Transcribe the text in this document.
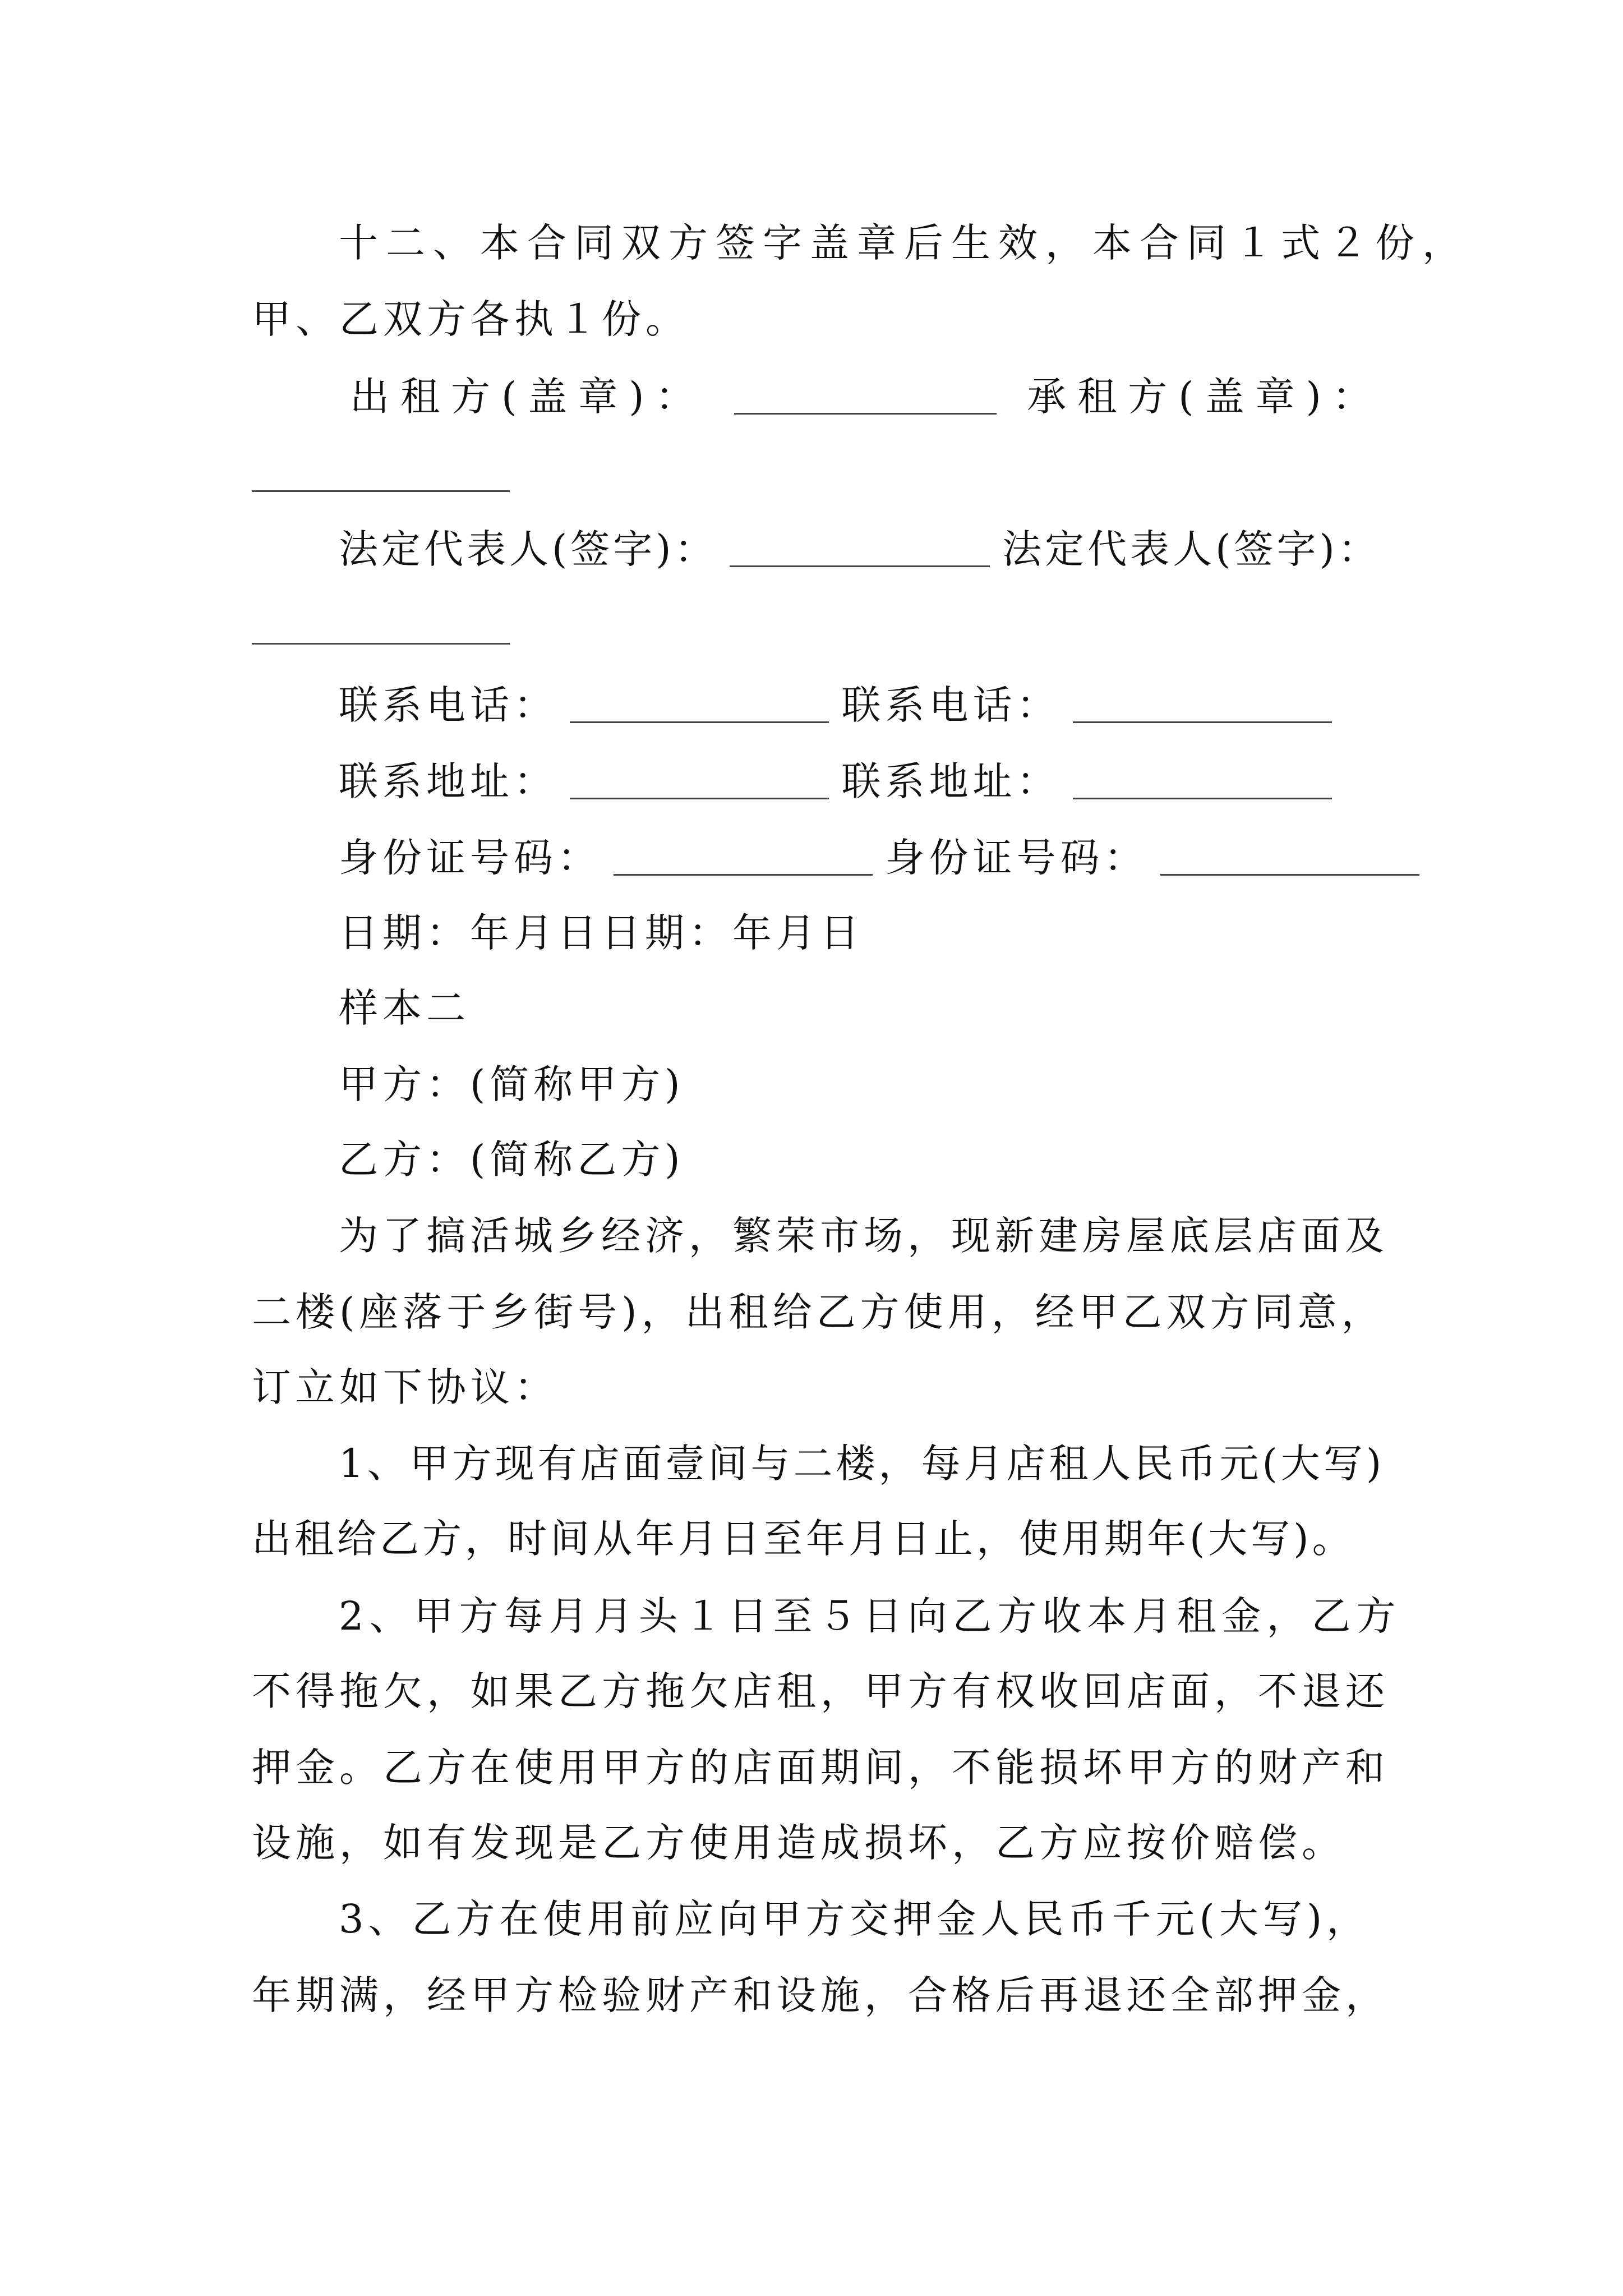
十二、本合同双方签字盖章后生效，本合同１式２份，
甲、乙双方各执１份。
出租方(盖章)：	承租方(盖章)：
法定代表人(签字)：	法定代表人(签字)：
联系电话：	联系电话：
联系地址：	联系地址：
身份证号码：	身份证号码：
日期：年月日日期：年月日
样本二
甲方：(简称甲方)
乙方：(简称乙方)
为了搞活城乡经济，繁荣市场，现新建房屋底层店面及
二楼(座落于乡街号)，出租给乙方使用，经甲乙双方同意，
订立如下协议：
1、甲方现有店面壹间与二楼，每月店租人民币元(大写)
出租给乙方，时间从年月日至年月日止，使用期年(大写)。
2、甲方每月月头１日至５日向乙方收本月租金，乙方
不得拖欠，如果乙方拖欠店租，甲方有权收回店面，不退还
押金。乙方在使用甲方的店面期间，不能损坏甲方的财产和
设施，如有发现是乙方使用造成损坏，乙方应按价赔偿。
3、乙方在使用前应向甲方交押金人民币千元(大写)，
年期满，经甲方检验财产和设施，合格后再退还全部押金，
